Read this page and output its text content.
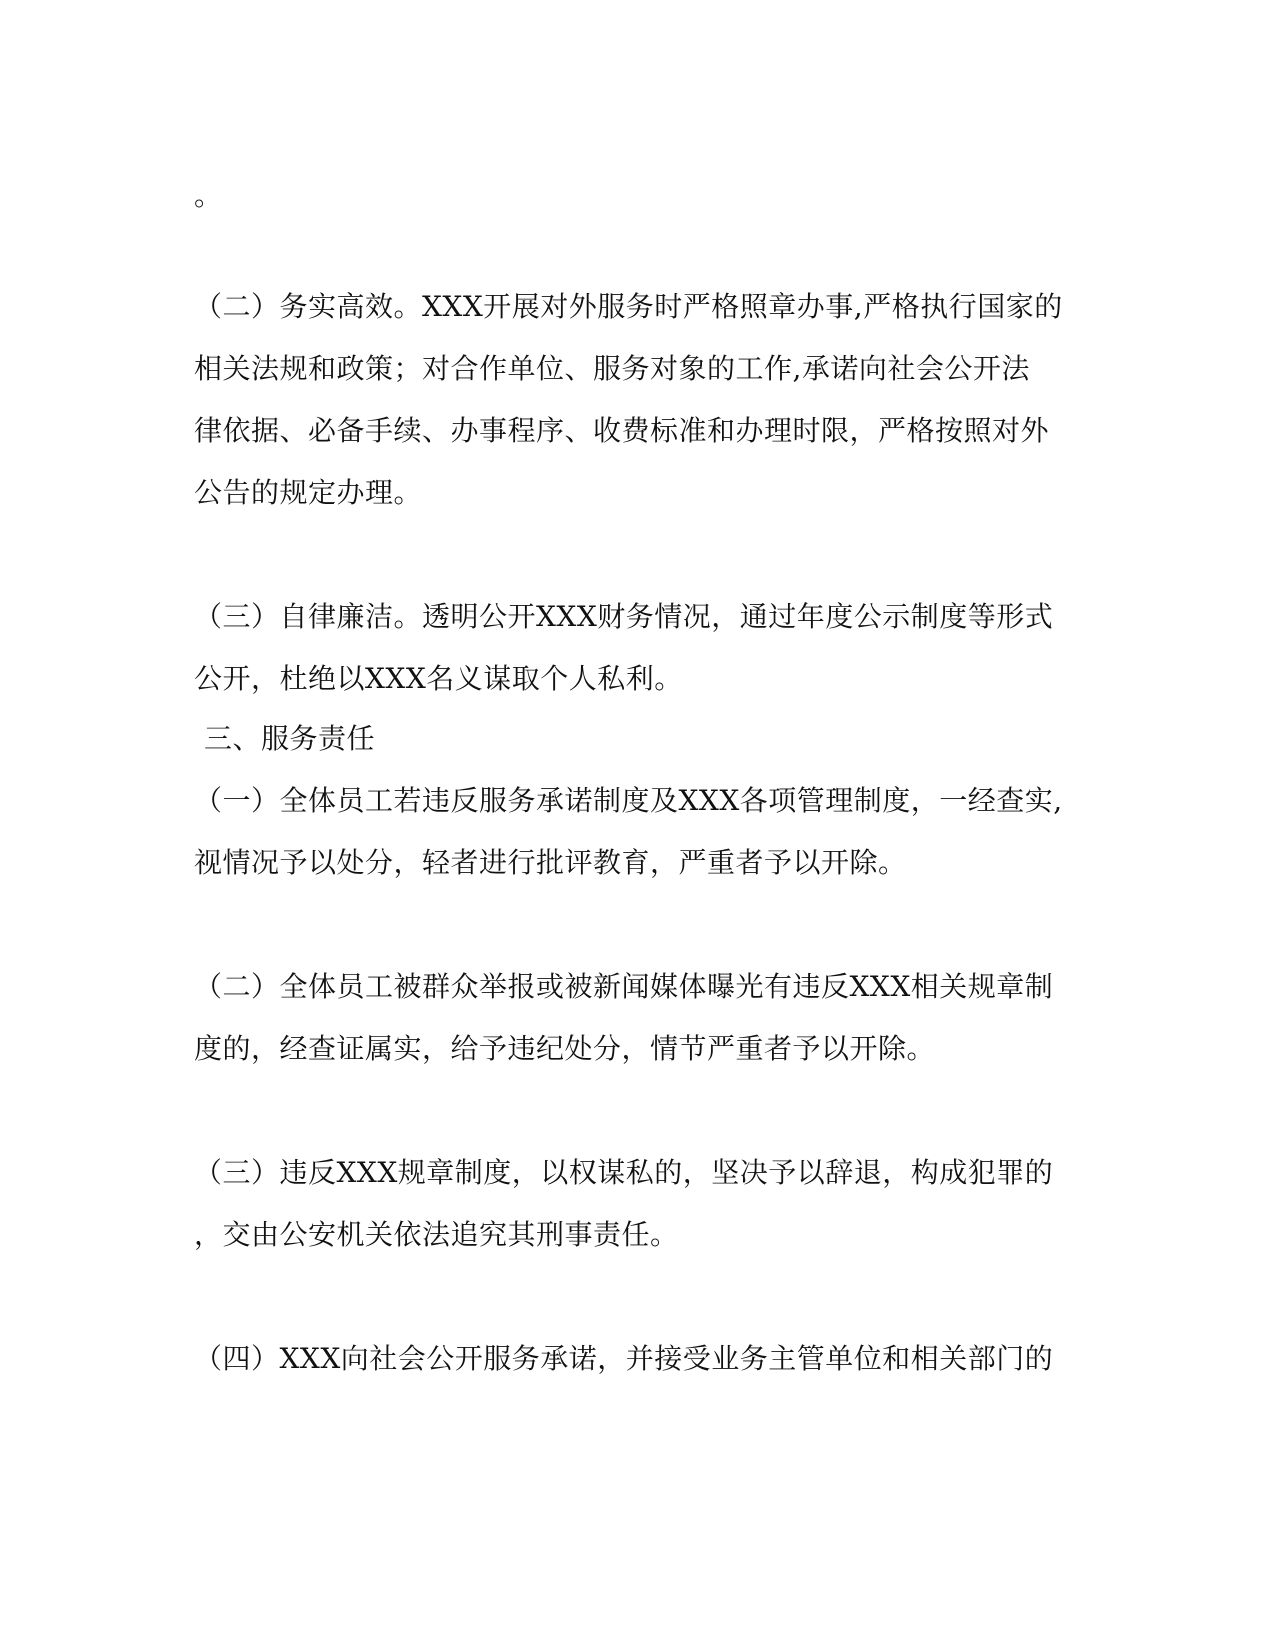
。
（二）务实高效。XXX开展对外服务时严格照章办事,严格执行国家的
相关法规和政策；对合作单位、服务对象的工作,承诺向社会公开法
律依据、必备手续、办事程序、收费标准和办理时限，严格按照对外
公告的规定办理。
（三）自律廉洁。透明公开XXX财务情况，通过年度公示制度等形式
公开，杜绝以XXX名义谋取个人私利。
三、服务责任
（一）全体员工若违反服务承诺制度及XXX各项管理制度，一经查实,
视情况予以处分，轻者进行批评教育，严重者予以开除。
（二）全体员工被群众举报或被新闻媒体曝光有违反XXX相关规章制
度的，经查证属实，给予违纪处分，情节严重者予以开除。
（三）违反XXX规章制度，以权谋私的，坚决予以辞退，构成犯罪的
，交由公安机关依法追究其刑事责任。
（四）XXX向社会公开服务承诺，并接受业务主管单位和相关部门的
